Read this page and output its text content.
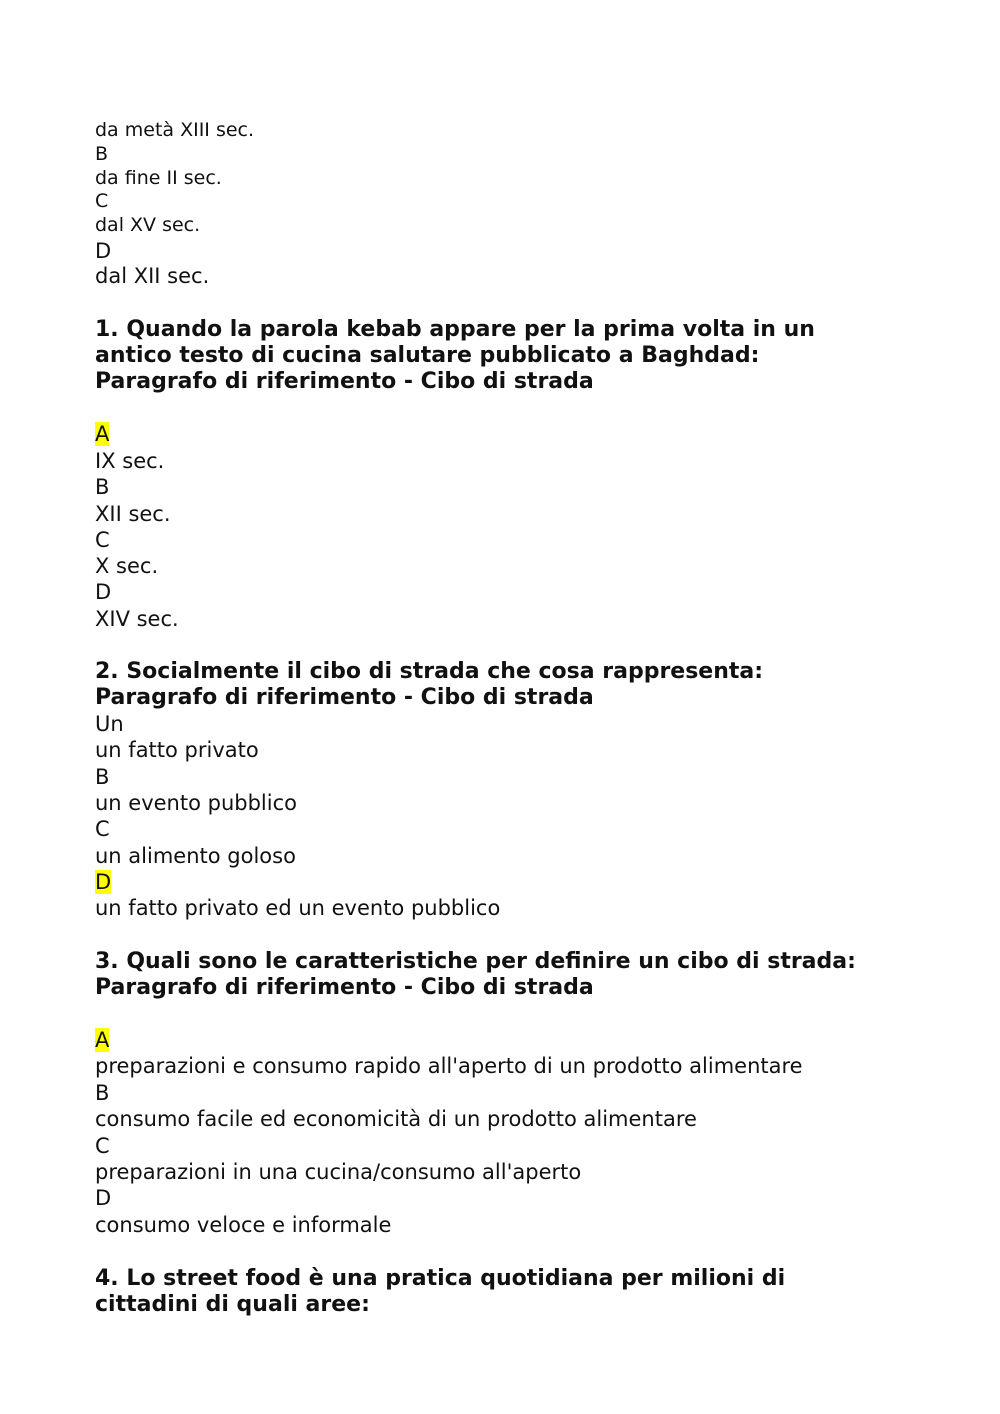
da metà XIII sec.
B
da fine II sec.
C
dal XV sec.
D
dal XII sec.
1. Quando la parola kebab appare per la prima volta in un
antico testo di cucina salutare pubblicato a Baghdad:
Paragrafo di riferimento - Cibo di strada
A
IX sec.
B
XII sec.
C
X sec.
D
XIV sec.
2. Socialmente il cibo di strada che cosa rappresenta:
Paragrafo di riferimento - Cibo di strada
Un
un fatto privato
B
un evento pubblico
C
un alimento goloso
D
un fatto privato ed un evento pubblico
3. Quali sono le caratteristiche per definire un cibo di strada:
Paragrafo di riferimento - Cibo di strada
A
preparazioni e consumo rapido all'aperto di un prodotto alimentare
B
consumo facile ed economicità di un prodotto alimentare
C
preparazioni in una cucina/consumo all'aperto
D
consumo veloce e informale
4. Lo street food è una pratica quotidiana per milioni di
cittadini di quali aree:
